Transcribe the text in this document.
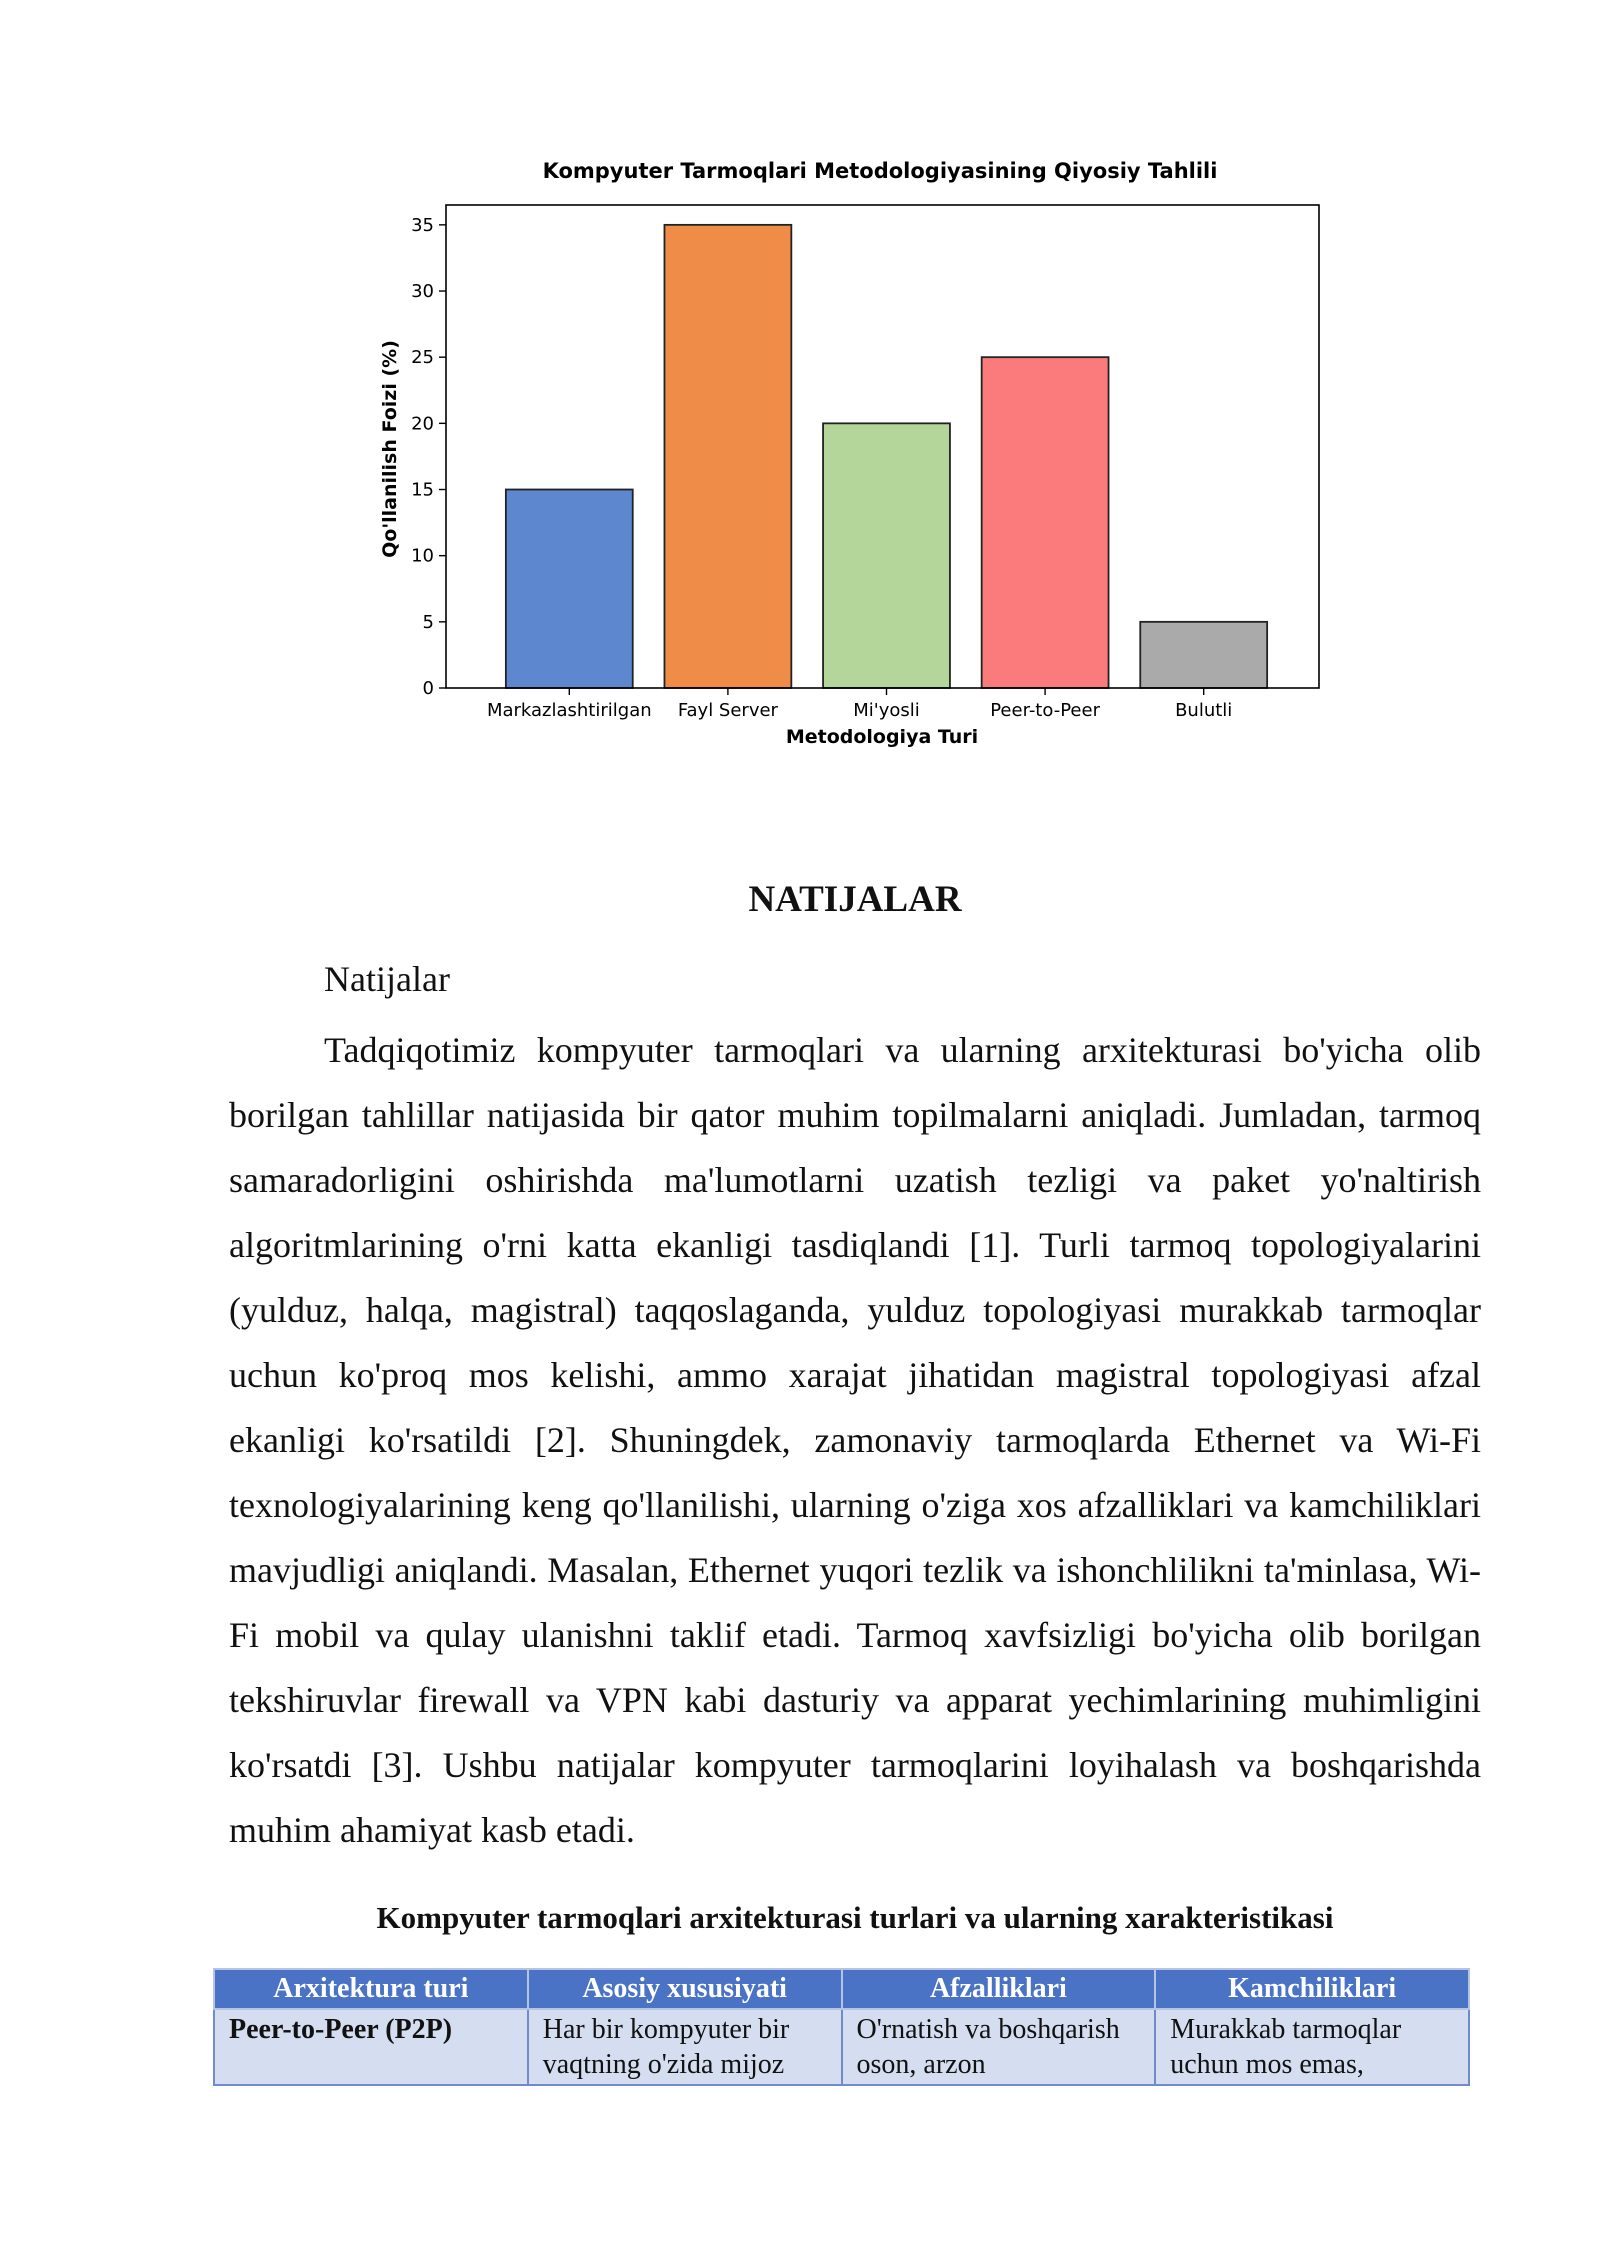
Kompyuter Tarmoqlari Metodologiyasining Qiyosiy Tahlili
Qo'llanilish Foizi (%)
Metodologiya Turi
0
5
10
15
20
25
30
35
Markazlashtirilgan Fayl Server	Mi'yosli	Peer-to-Peer	Bulutli
NATIJALAR

Natijalar

Tadqiqotimiz kompyuter tarmoqlari va ularning arxitekturasi bo'yicha olib borilgan tahlillar natijasida bir qator muhim topilmalarni aniqladi. Jumladan, tarmoq samaradorligini oshirishda ma'lumotlarni uzatish tezligi va paket yo'naltirish algoritmlarining o'rni katta ekanligi tasdiqlandi [1]. Turli tarmoq topologiyalarini (yulduz, halqa, magistral) taqqoslaganda, yulduz topologiyasi murakkab tarmoqlar uchun ko'proq mos kelishi, ammo xarajat jihatidan magistral topologiyasi afzal ekanligi ko'rsatildi [2]. Shuningdek, zamonaviy tarmoqlarda Ethernet va Wi-Fi texnologiyalarining keng qo'llanilishi, ularning o'ziga xos afzalliklari va kamchiliklari mavjudligi aniqlandi. Masalan, Ethernet yuqori tezlik va ishonchlilikni ta'minlasa, Wi-Fi mobil va qulay ulanishni taklif etadi. Tarmoq xavfsizligi bo'yicha olib borilgan tekshiruvlar firewall va VPN kabi dasturiy va apparat yechimlarining muhimligini ko'rsatdi [3]. Ushbu natijalar kompyuter tarmoqlarini loyihalash va boshqarishda muhim ahamiyat kasb etadi.

Kompyuter tarmoqlari arxitekturasi turlari va ularning xarakteristikasi

Arxitektura turi	Asosiy xususiyati	Afzalliklari	Kamchiliklari
Peer-to-Peer (P2P)	Har bir kompyuter bir vaqtning o'zida mijoz	O'rnatish va boshqarish oson, arzon	Murakkab tarmoqlar uchun mos emas,
